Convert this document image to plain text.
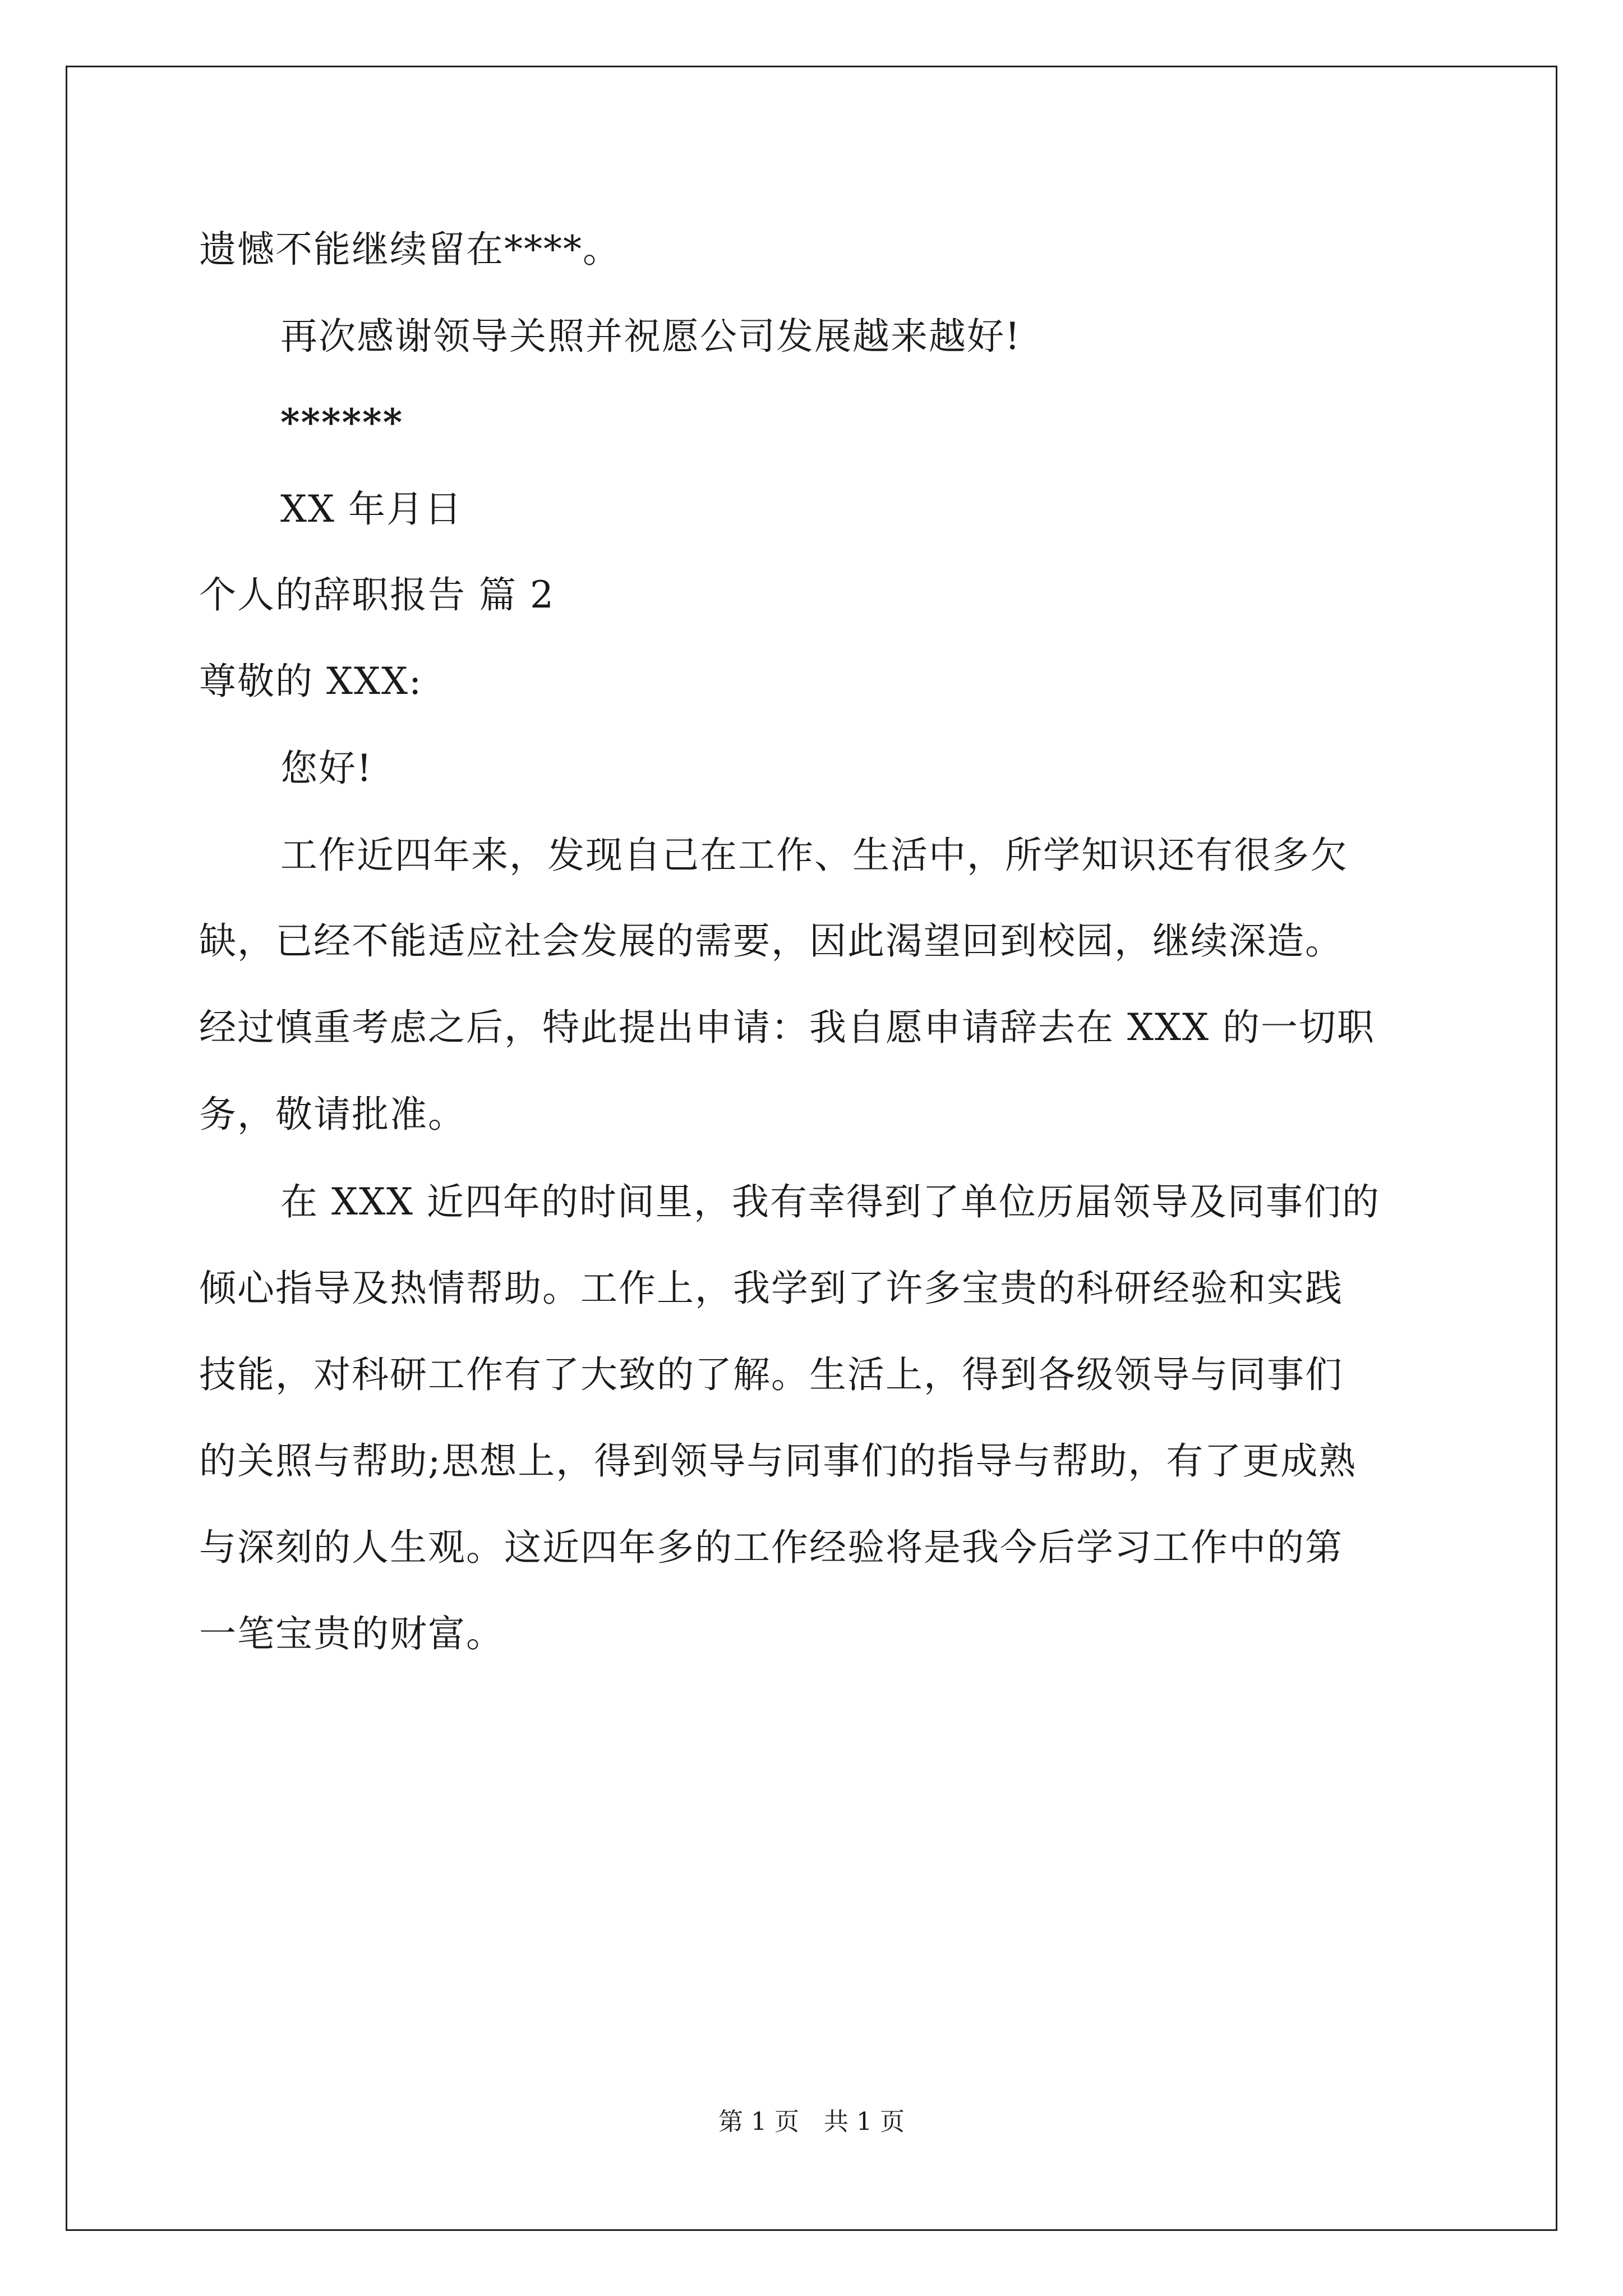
遗憾不能继续留在****。
再次感谢领导关照并祝愿公司发展越来越好!
******
XX 年月日
个人的辞职报告 篇 2
尊敬的 XXX:
您好!
工作近四年来，发现自己在工作、生活中，所学知识还有很多欠
缺，已经不能适应社会发展的需要，因此渴望回到校园，继续深造。
经过慎重考虑之后，特此提出申请：我自愿申请辞去在 XXX 的一切职
务，敬请批准。
在 XXX 近四年的时间里，我有幸得到了单位历届领导及同事们的
倾心指导及热情帮助。工作上，我学到了许多宝贵的科研经验和实践
技能，对科研工作有了大致的了解。生活上，得到各级领导与同事们
的关照与帮助;思想上，得到领导与同事们的指导与帮助，有了更成熟
与深刻的人生观。这近四年多的工作经验将是我今后学习工作中的第
一笔宝贵的财富。
第 1 页　共 1 页
